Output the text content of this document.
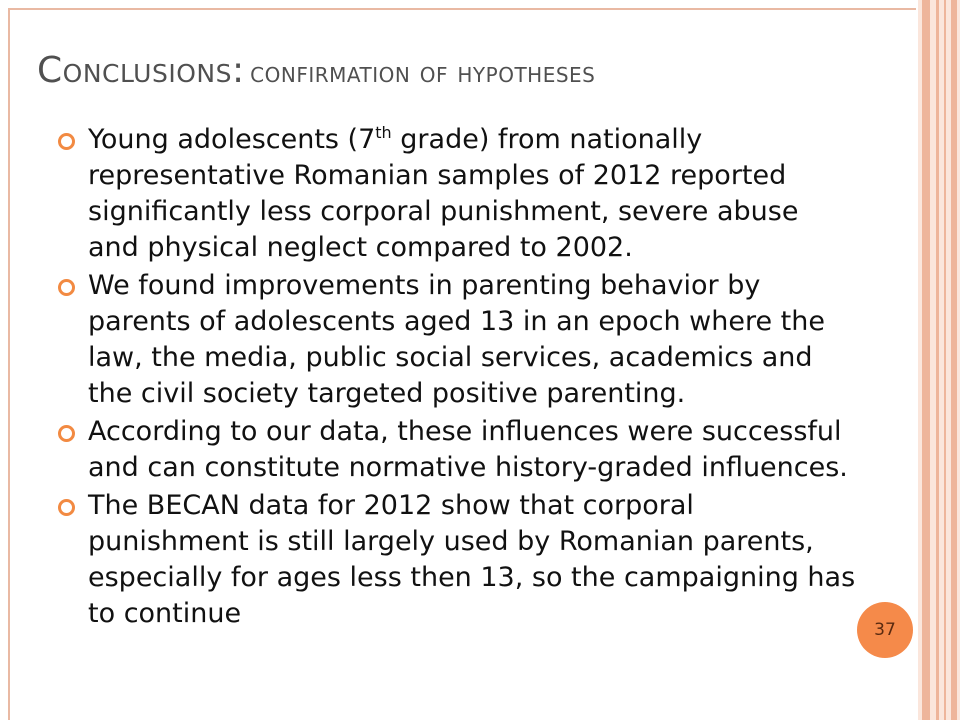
Conclusions: confirmation of hypotheses
Young adolescents (7th grade) from nationally representative Romanian samples of 2012 reported significantly less corporal punishment, severe abuse and physical neglect compared to 2002.
We found improvements in parenting behavior by parents of adolescents aged 13 in an epoch where the law, the media, public social services, academics and the civil society targeted positive parenting.
According to our data, these influences were successful and can constitute normative history-graded influences.
The BECAN data for 2012 show that corporal punishment is still largely used by Romanian parents, especially for ages less then 13, so the campaigning has to continue
37
